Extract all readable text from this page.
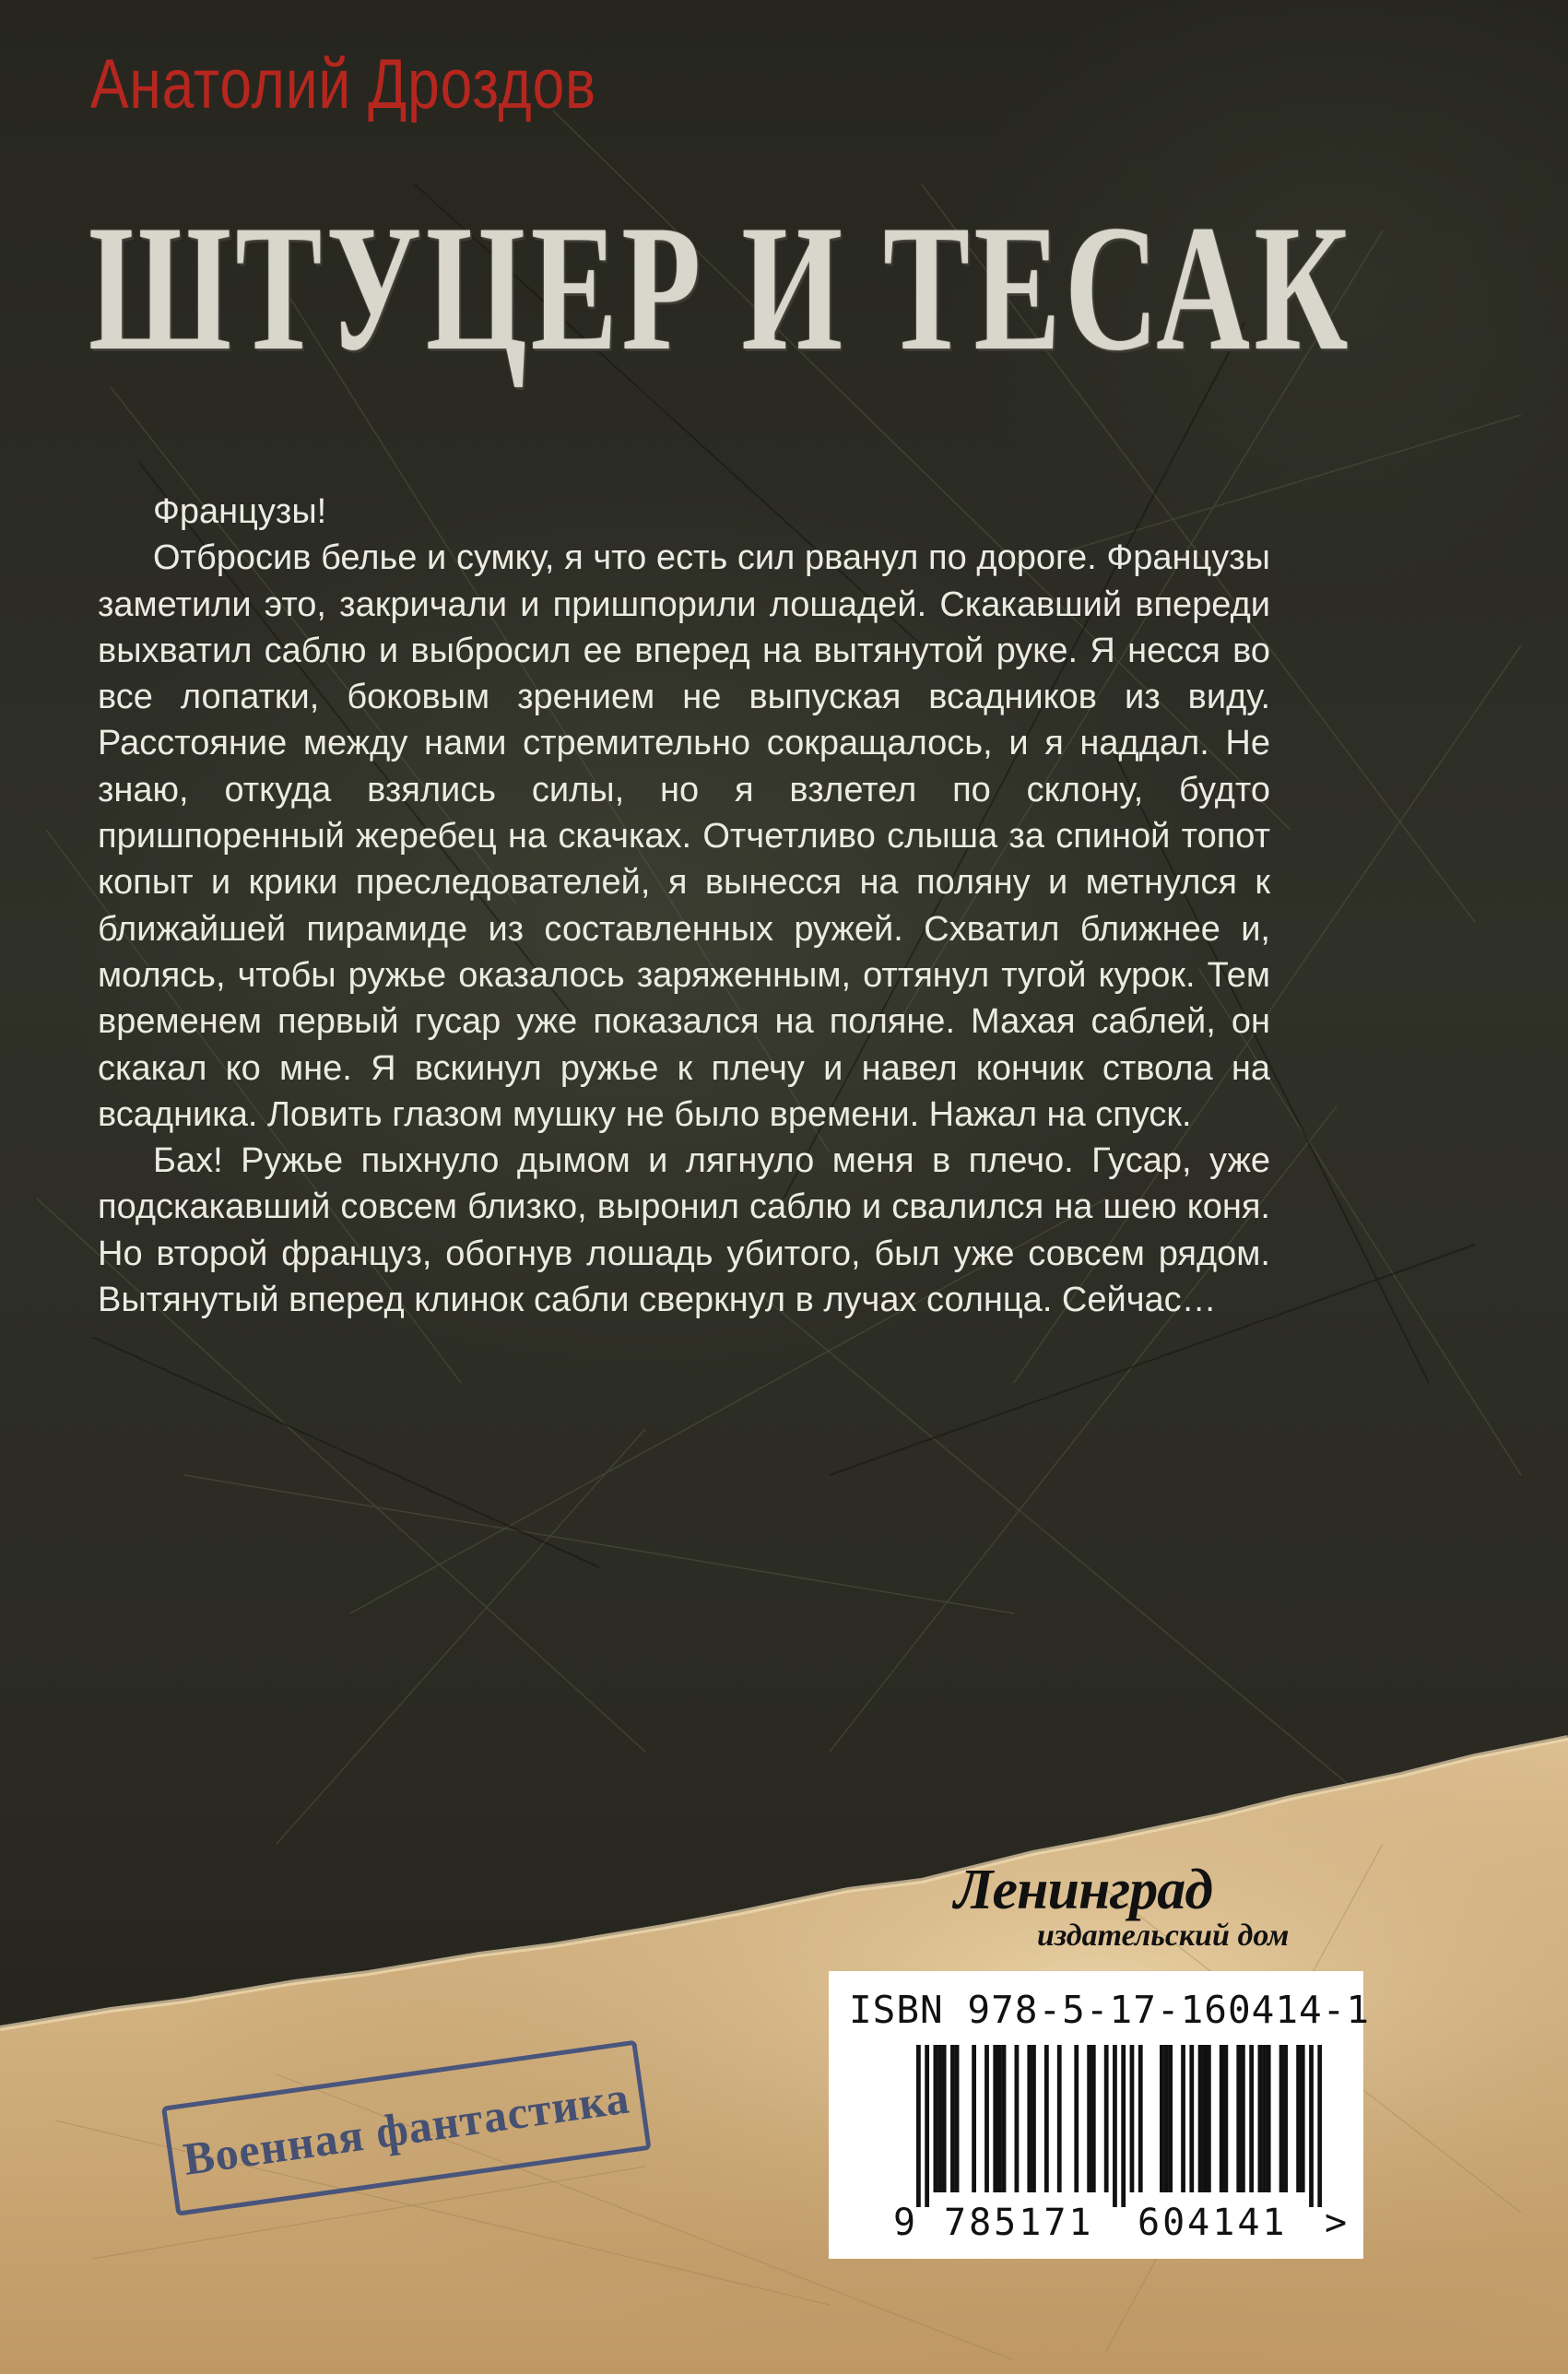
Анатолий Дроздов
ШТУЦЕР И ТЕСАК

Французы!

Отбросив белье и сумку, я что есть сил рванул по дороге. Французы заметили это, закричали и пришпорили лошадей. Скакавший впереди выхватил саблю и выбросил ее вперед на вытянутой руке. Я несся во все лопатки, боковым зрением не выпуская всадников из виду. Расстояние между нами стремительно сокращалось, и я наддал. Не знаю, откуда взялись силы, но я взлетел по склону, будто пришпоренный жеребец на скачках. Отчетливо слыша за спиной топот копыт и крики преследователей, я вынесся на поляну и метнулся к ближайшей пирамиде из составленных ружей. Схватил ближнее и, молясь, чтобы ружье оказалось заряженным, оттянул тугой курок. Тем временем первый гусар уже показался на поляне. Махая саблей, он скакал ко мне. Я вскинул ружье к плечу и навел кончик ствола на всадника. Ловить глазом мушку не было времени. Нажал на спуск.

Бах! Ружье пыхнуло дымом и лягнуло меня в плечо. Гусар, уже подскакавший совсем близко, выронил саблю и свалился на шею коня. Но второй француз, обогнув лошадь убитого, был уже совсем рядом. Вытянутый вперед клинок сабли сверкнул в лучах солнца. Сейчас…

Ленинград

издательский дом

ISBN 978-5-17-160414-1

9 785171 604141 >

Военная фантастика
